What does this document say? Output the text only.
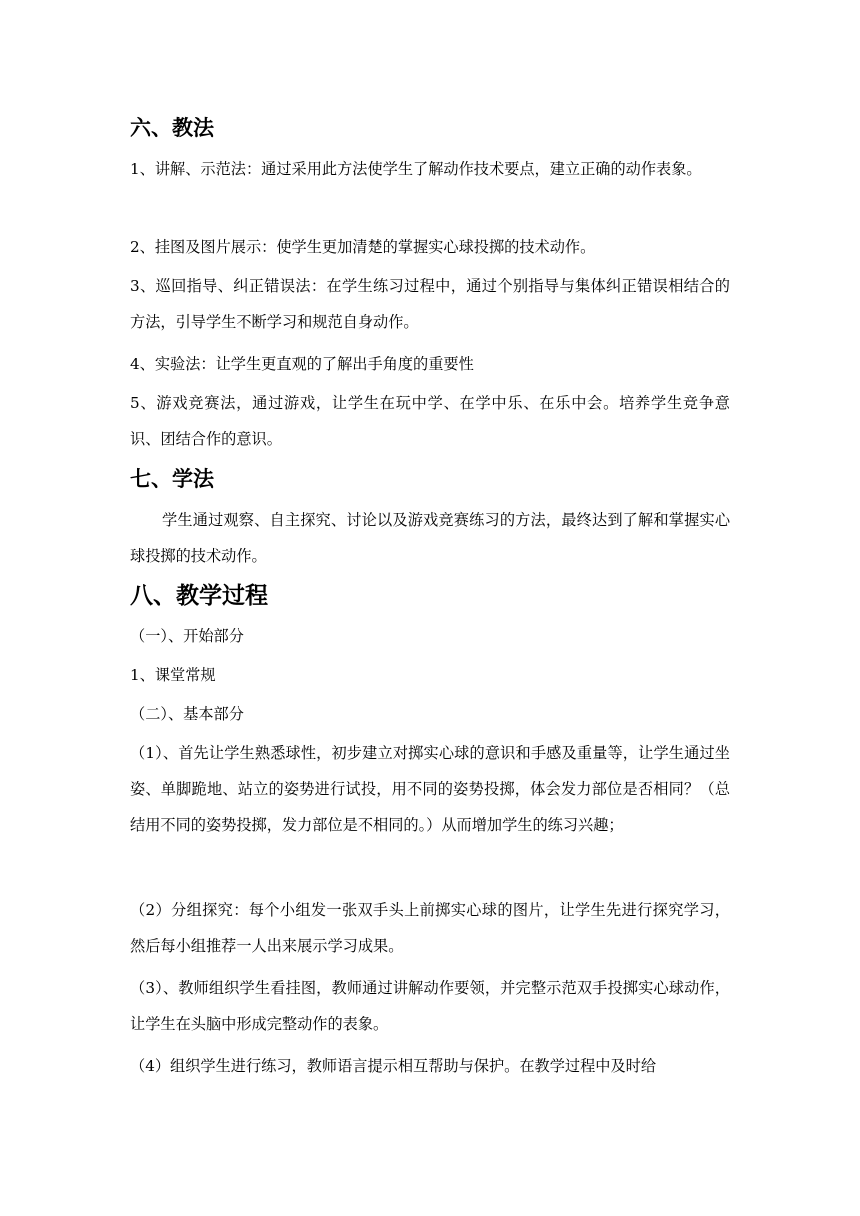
六、教法

1、讲解、示范法：通过采用此方法使学生了解动作技术要点，建立正确的动作表象。

2、挂图及图片展示：使学生更加清楚的掌握实心球投掷的技术动作。

3、巡回指导、纠正错误法：在学生练习过程中，通过个别指导与集体纠正错误相结合的方法，引导学生不断学习和规范自身动作。

4、实验法：让学生更直观的了解出手角度的重要性

5、游戏竞赛法，通过游戏，让学生在玩中学、在学中乐、在乐中会。培养学生竞争意识、团结合作的意识。

七、学法

学生通过观察、自主探究、讨论以及游戏竞赛练习的方法，最终达到了解和掌握实心球投掷的技术动作。

八、教学过程

（一）、开始部分

1、课堂常规

（二）、基本部分

（1）、首先让学生熟悉球性，初步建立对掷实心球的意识和手感及重量等，让学生通过坐姿、单脚跪地、站立的姿势进行试投，用不同的姿势投掷，体会发力部位是否相同？（总结用不同的姿势投掷，发力部位是不相同的。）从而增加学生的练习兴趣；

（2）分组探究：每个小组发一张双手头上前掷实心球的图片，让学生先进行探究学习，然后每小组推荐一人出来展示学习成果。

（3）、教师组织学生看挂图，教师通过讲解动作要领，并完整示范双手投掷实心球动作，让学生在头脑中形成完整动作的表象。

（4）组织学生进行练习，教师语言提示相互帮助与保护。在教学过程中及时给
